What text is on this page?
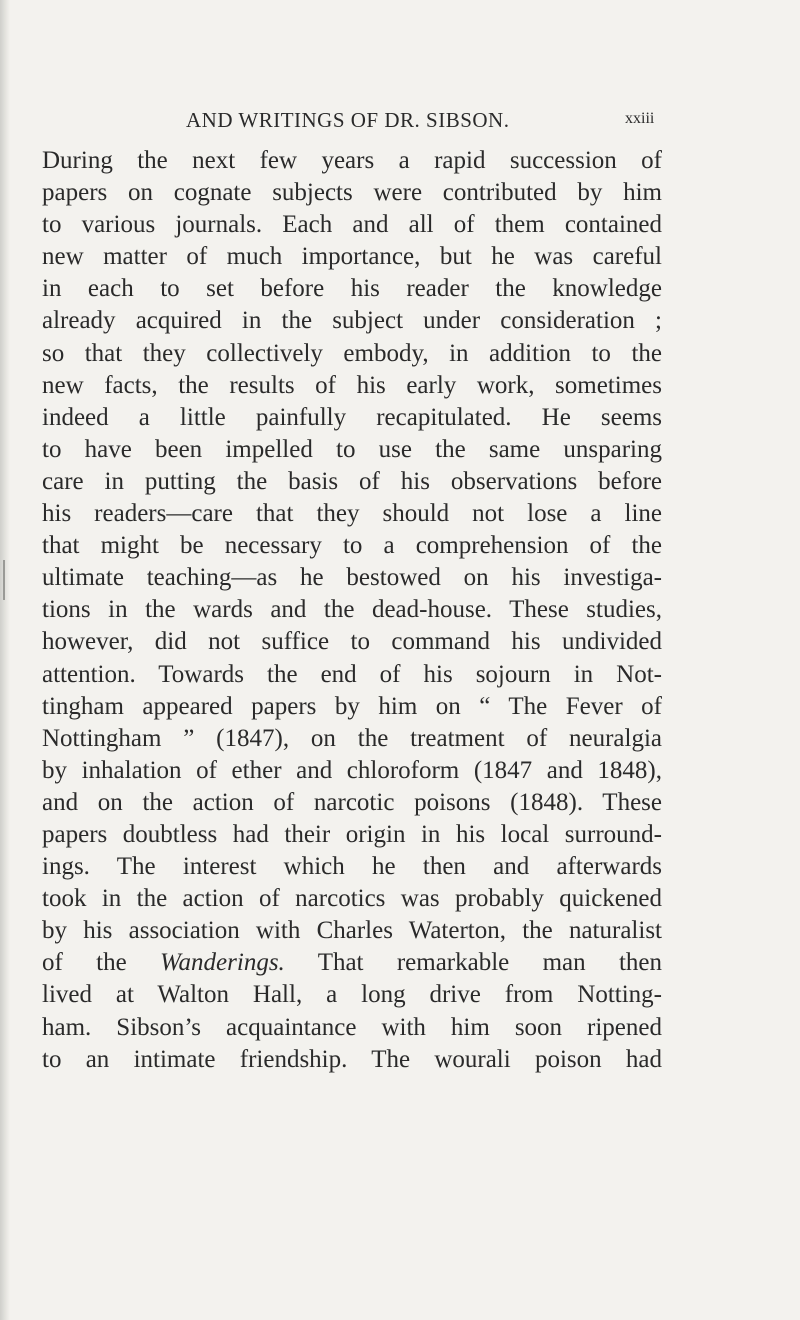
AND WRITINGS OF DR. SIBSON.	xxiii
During the next few years a rapid succession of
papers on cognate subjects were contributed by him
to various journals. Each and all of them contained
new matter of much importance, but he was careful
in each to set before his reader the knowledge
already acquired in the subject under consideration ;
so that they collectively embody, in addition to the
new facts, the results of his early work, sometimes
indeed a little painfully recapitulated. He seems
to have been impelled to use the same unsparing
care in putting the basis of his observations before
his readers—care that they should not lose a line
that might be necessary to a comprehension of the
ultimate teaching—as he bestowed on his investiga-
tions in the wards and the dead-house. These studies,
however, did not suffice to command his undivided
attention. Towards the end of his sojourn in Not-
tingham appeared papers by him on “ The Fever of
Nottingham ” (1847), on the treatment of neuralgia
by inhalation of ether and chloroform (1847 and 1848),
and on the action of narcotic poisons (1848). These
papers doubtless had their origin in his local surround-
ings. The interest which he then and afterwards
took in the action of narcotics was probably quickened
by his association with Charles Waterton, the naturalist
of the Wanderings. That remarkable man then
lived at Walton Hall, a long drive from Notting-
ham. Sibson’s acquaintance with him soon ripened
to an intimate friendship. The wourali poison had
